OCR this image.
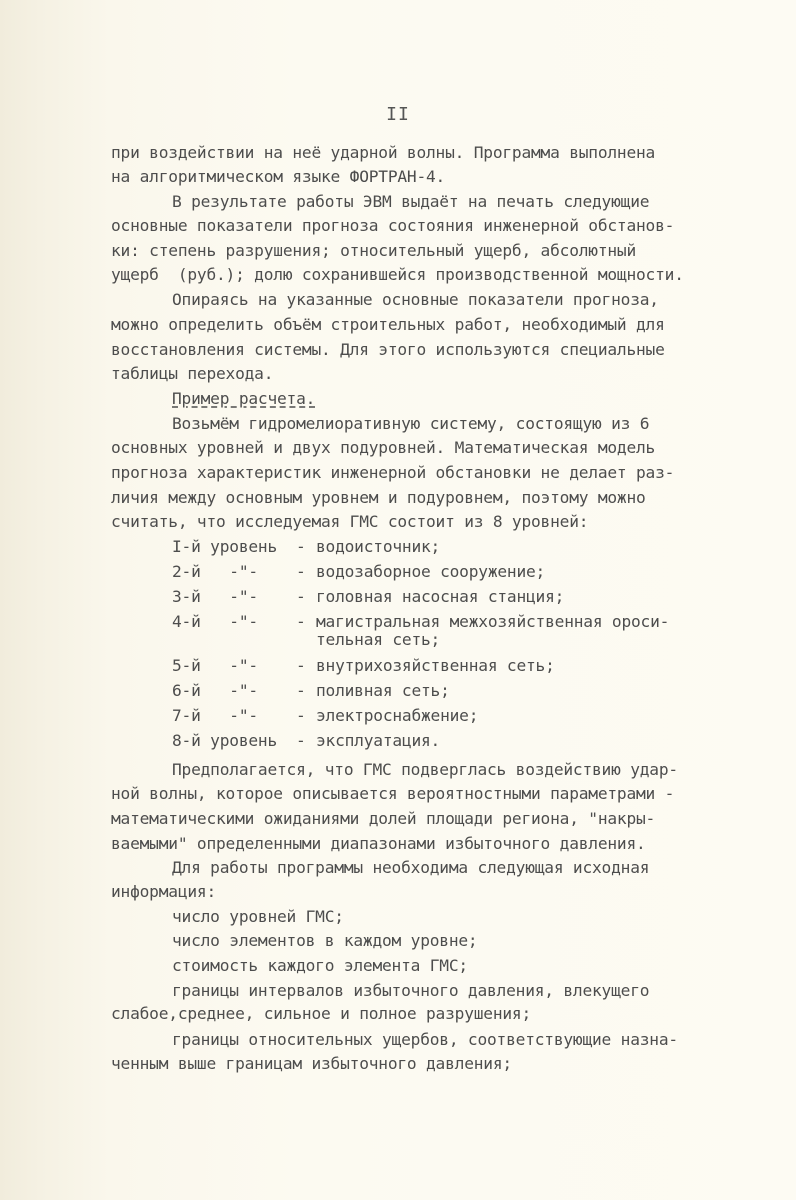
II
при воздействии на неё ударной волны. Программа выполнена
на алгоритмическом языке ФОРТРАН-4.
В результате работы ЭВМ выдаёт на печать следующие
основные показатели прогноза состояния инженерной обстанов-
ки: степень разрушения; относительный ущерб, абсолютный
ущерб  (руб.); долю сохранившейся производственной мощности.
Опираясь на указанные основные показатели прогноза,
можно определить объём строительных работ, необходимый для
восстановления системы. Для этого используются специальные
таблицы перехода.
Пример расчета.
Возьмём гидромелиоративную систему, состоящую из 6
основных уровней и двух подуровней. Математическая модель
прогноза характеристик инженерной обстановки не делает раз-
личия между основным уровнем и подуровнем, поэтому можно
считать, что исследуемая ГМС состоит из 8 уровней:
I-й уровень - водоисточник;
2-й   -"- - водозаборное сооружение;
3-й   -"- - головная насосная станция;
4-й   -"- - магистральная межхозяйственная ороси-
тельная сеть;
5-й   -"- - внутрихозяйственная сеть;
6-й   -"- - поливная сеть;
7-й   -"- - электроснабжение;
8-й уровень - эксплуатация.
Предполагается, что ГМС подверглась воздействию удар-
ной волны, которое описывается вероятностными параметрами -
математическими ожиданиями долей площади региона, "накры-
ваемыми" определенными диапазонами избыточного давления.
Для работы программы необходима следующая исходная
информация:
число уровней ГМС;
число элементов в каждом уровне;
стоимость каждого элемента ГМС;
границы интервалов избыточного давления, влекущего
слабое,среднее, сильное и полное разрушения;
границы относительных ущербов, соответствующие назна-
ченным выше границам избыточного давления;
